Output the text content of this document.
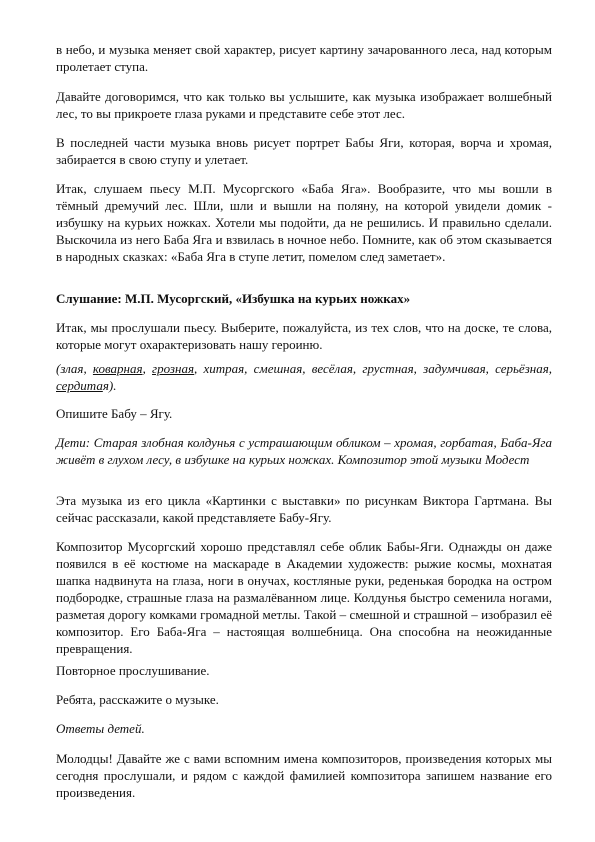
в небо, и музыка меняет свой характер, рисует картину зачарованного леса, над которым пролетает ступа.

Давайте договоримся, что как только вы услышите, как музыка изображает волшебный лес, то вы прикроете глаза руками и представите себе этот лес.

В последней части музыка вновь рисует портрет Бабы Яги, которая, ворча и хромая, забирается в свою ступу и улетает.

Итак, слушаем пьесу М.П. Мусоргского «Баба Яга». Вообразите, что мы вошли в тёмный дремучий лес. Шли, шли и вышли на поляну, на которой увидели домик - избушку на курьих ножках. Хотели мы подойти, да не решились. И правильно сделали. Выскочила из него Баба Яга и взвилась в ночное небо. Помните, как об этом сказывается в народных сказках: «Баба Яга в ступе летит, помелом след заметает».

Слушание: М.П. Мусоргский, «Избушка на курьих ножках»

Итак, мы прослушали пьесу. Выберите, пожалуйста, из тех слов, что на доске, те слова, которые могут охарактеризовать нашу героиню.

(злая, коварная, грозная, хитрая, смешная, весёлая, грустная, задумчивая, серьёзная, сердитая).

Опишите Бабу – Ягу.

Дети: Старая злобная колдунья с устрашающим обликом – хромая, горбатая, Баба-Яга живёт в глухом лесу, в избушке на курьих ножках. Композитор этой музыки Модест

Эта музыка из его цикла «Картинки с выставки» по рисункам Виктора Гартмана. Вы сейчас рассказали, какой представляете Бабу-Ягу.

Композитор Мусоргский хорошо представлял себе облик Бабы-Яги. Однажды он даже появился в её костюме на маскараде в Академии художеств: рыжие космы, мохнатая шапка надвинута на глаза, ноги в онучах, костляные руки, реденькая бородка на остром подбородке, страшные глаза на размалёванном лице. Колдунья быстро семенила ногами, разметая дорогу комками громадной метлы. Такой – смешной и страшной – изобразил её композитор. Его Баба-Яга – настоящая волшебница. Она способна на неожиданные превращения.

Повторное прослушивание.

Ребята, расскажите о музыке.

Ответы детей.

Молодцы! Давайте же с вами вспомним имена композиторов, произведения которых мы сегодня прослушали, и рядом с каждой фамилией композитора запишем название его произведения.
